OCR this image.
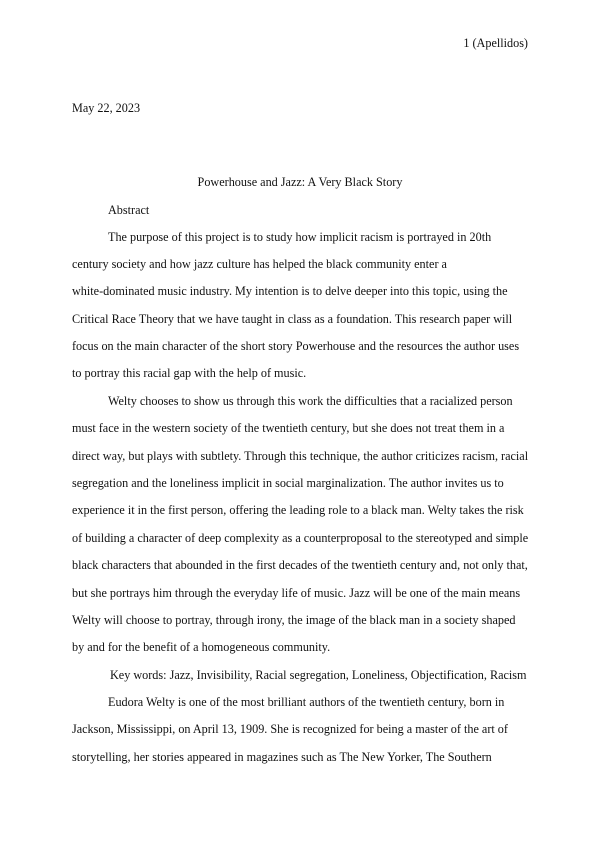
1 (Apellidos)
May 22, 2023
Powerhouse and Jazz: A Very Black Story
Abstract
The purpose of this project is to study how implicit racism is portrayed in 20th
century society and how jazz culture has helped the black community enter a
white-dominated music industry. My intention is to delve deeper into this topic, using the
Critical Race Theory that we have taught in class as a foundation. This research paper will
focus on the main character of the short story Powerhouse and the resources the author uses
to portray this racial gap with the help of music.
Welty chooses to show us through this work the difficulties that a racialized person
must face in the western society of the twentieth century, but she does not treat them in a
direct way, but plays with subtlety. Through this technique, the author criticizes racism, racial
segregation and the loneliness implicit in social marginalization. The author invites us to
experience it in the first person, offering the leading role to a black man. Welty takes the risk
of building a character of deep complexity as a counterproposal to the stereotyped and simple
black characters that abounded in the first decades of the twentieth century and, not only that,
but she portrays him through the everyday life of music. Jazz will be one of the main means
Welty will choose to portray, through irony, the image of the black man in a society shaped
by and for the benefit of a homogeneous community.
Key words: Jazz, Invisibility, Racial segregation, Loneliness, Objectification, Racism
Eudora Welty is one of the most brilliant authors of the twentieth century, born in
Jackson, Mississippi, on April 13, 1909. She is recognized for being a master of the art of
storytelling, her stories appeared in magazines such as The New Yorker, The Southern
